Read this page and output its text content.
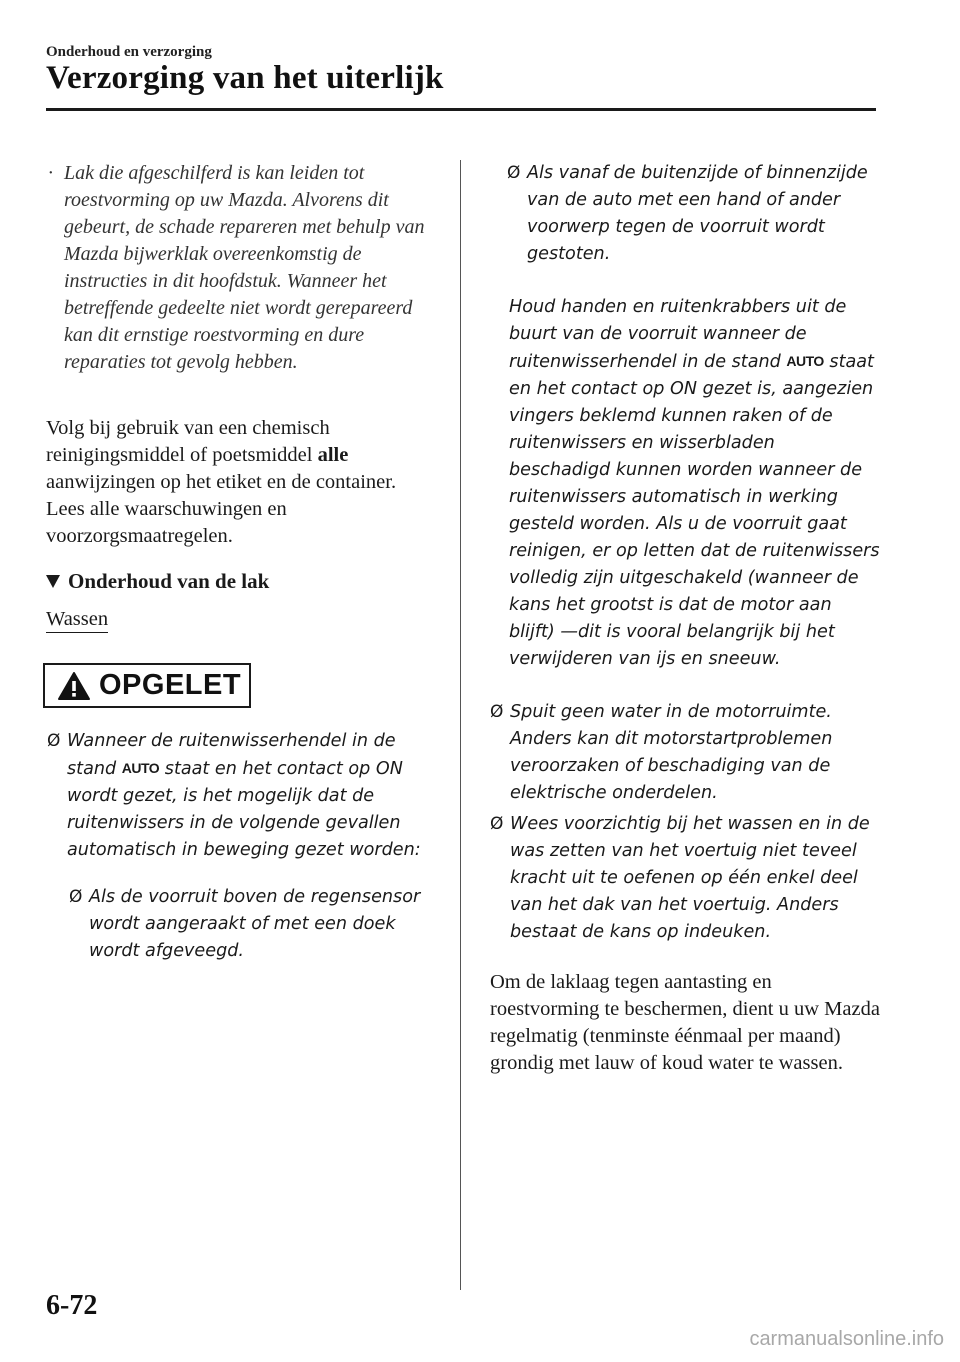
Onderhoud en verzorging
Verzorging van het uiterlijk
· Lak die afgeschilferd is kan leiden tot roestvorming op uw Mazda. Alvorens dit gebeurt, de schade repareren met behulp van Mazda bijwerklak overeenkomstig de instructies in dit hoofdstuk. Wanneer het betreffende gedeelte niet wordt gerepareerd kan dit ernstige roestvorming en dure reparaties tot gevolg hebben.

Volg bij gebruik van een chemisch reinigingsmiddel of poetsmiddel alle aanwijzingen op het etiket en de container. Lees alle waarschuwingen en voorzorgsmaatregelen.

Onderhoud van de lak
Wassen
OPGELET
Ø Wanneer de ruitenwisserhendel in de stand AUTO staat en het contact op ON wordt gezet, is het mogelijk dat de ruitenwissers in de volgende gevallen automatisch in beweging gezet worden:
Ø Als de voorruit boven de regensensor wordt aangeraakt of met een doek wordt afgeveegd.
Ø Als vanaf de buitenzijde of binnenzijde van de auto met een hand of ander voorwerp tegen de voorruit wordt gestoten.
Houd handen en ruitenkrabbers uit de buurt van de voorruit wanneer de ruitenwisserhendel in de stand AUTO staat en het contact op ON gezet is, aangezien vingers beklemd kunnen raken of de ruitenwissers en wisserbladen beschadigd kunnen worden wanneer de ruitenwissers automatisch in werking gesteld worden. Als u de voorruit gaat reinigen, er op letten dat de ruitenwissers volledig zijn uitgeschakeld (wanneer de kans het grootst is dat de motor aan blijft) —dit is vooral belangrijk bij het verwijderen van ijs en sneeuw.
Ø Spuit geen water in de motorruimte. Anders kan dit motorstartproblemen veroorzaken of beschadiging van de elektrische onderdelen.
Ø Wees voorzichtig bij het wassen en in de was zetten van het voertuig niet teveel kracht uit te oefenen op één enkel deel van het dak van het voertuig. Anders bestaat de kans op indeuken.

Om de laklaag tegen aantasting en roestvorming te beschermen, dient u uw Mazda regelmatig (tenminste éénmaal per maand) grondig met lauw of koud water te wassen.

6-72
carmanualsonline.info
